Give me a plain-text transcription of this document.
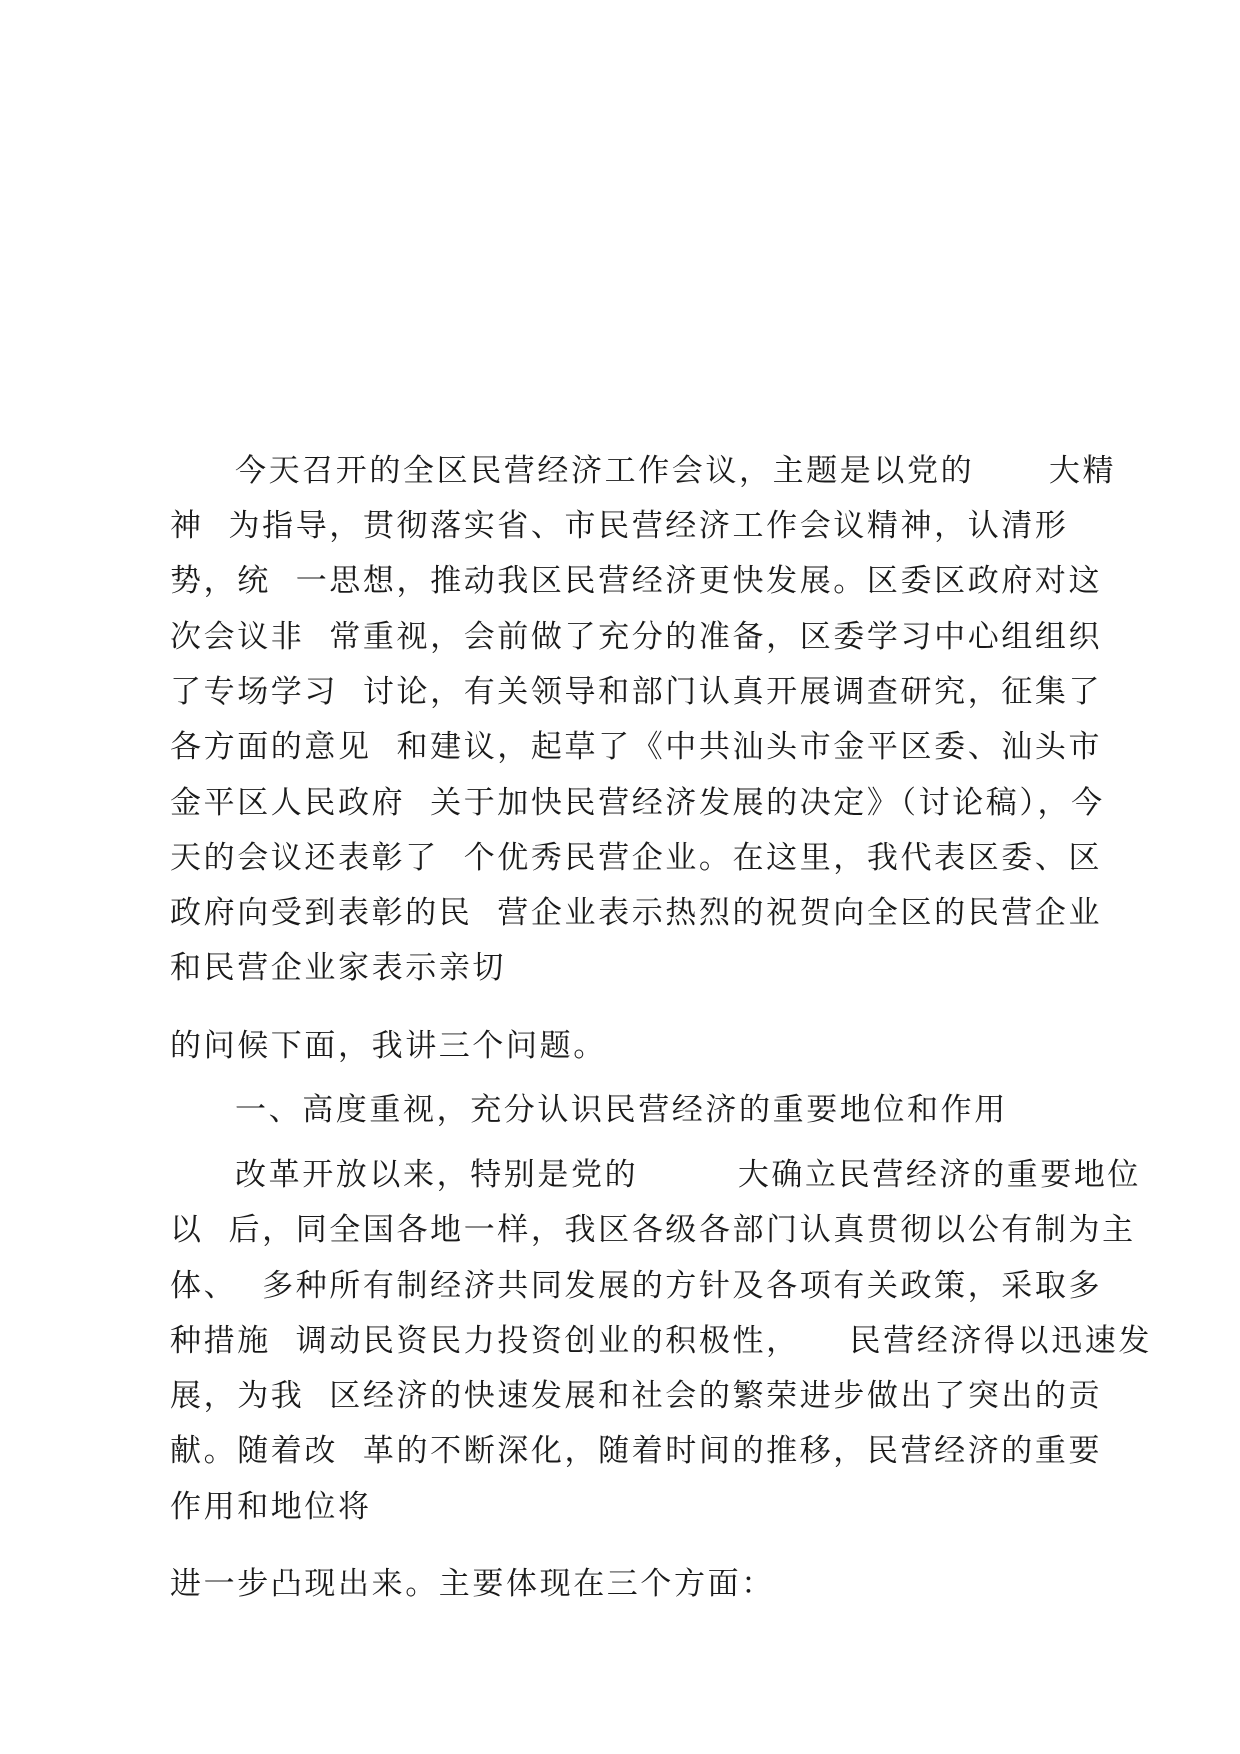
今天召开的全区民营经济工作会议，主题是以党的      大精

神  为指导，贯彻落实省、市民营经济工作会议精神，认清形

势，统  一思想，推动我区民营经济更快发展。区委区政府对这

次会议非  常重视，会前做了充分的准备，区委学习中心组组织

了专场学习  讨论，有关领导和部门认真开展调查研究，征集了

各方面的意见  和建议，起草了《中共汕头市金平区委、汕头市

金平区人民政府  关于加快民营经济发展的决定》（讨论稿），今

天的会议还表彰了  个优秀民营企业。在这里，我代表区委、区

政府向受到表彰的民  营企业表示热烈的祝贺向全区的民营企业

和民营企业家表示亲切

的问候下面，我讲三个问题。

一、高度重视，充分认识民营经济的重要地位和作用

改革开放以来，特别是党的        大确立民营经济的重要地位

以  后，同全国各地一样，我区各级各部门认真贯彻以公有制为主

体、  多种所有制经济共同发展的方针及各项有关政策，采取多

种措施  调动民资民力投资创业的积极性，    民营经济得以迅速发

展，为我  区经济的快速发展和社会的繁荣进步做出了突出的贡

献。随着改  革的不断深化，随着时间的推移，民营经济的重要

作用和地位将

进一步凸现出来。主要体现在三个方面：
